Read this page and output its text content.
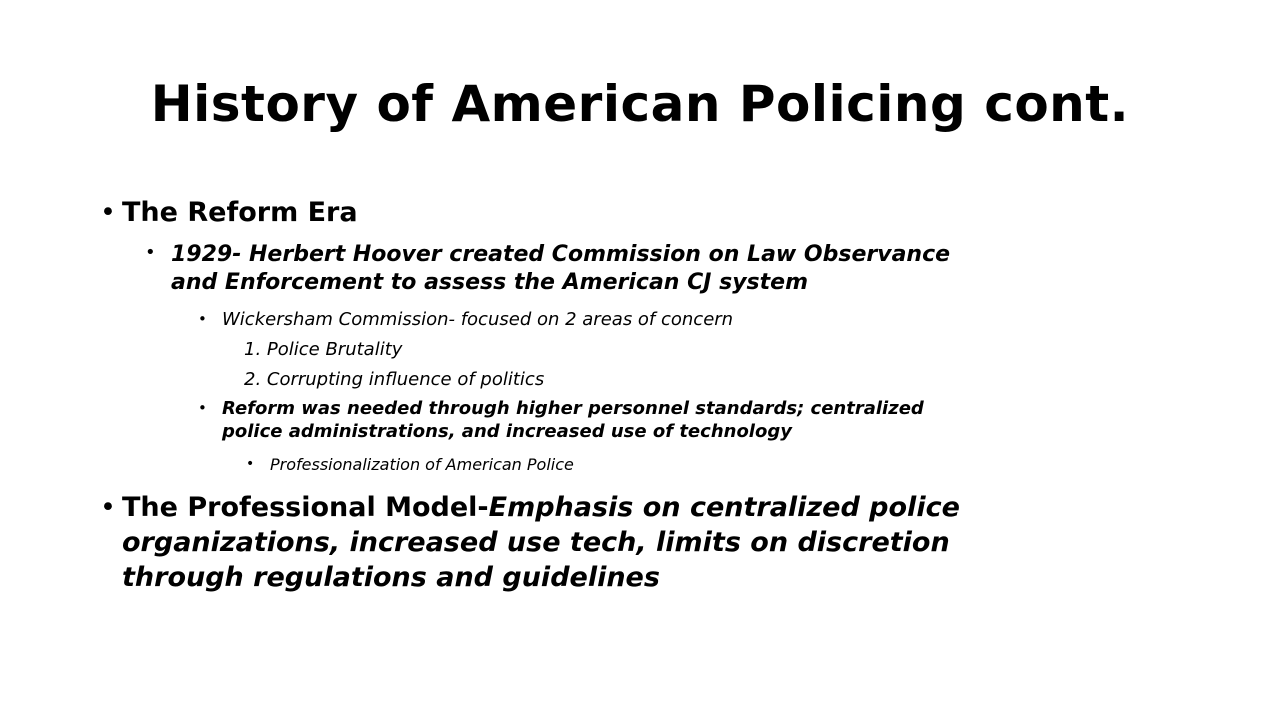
History of American Policing cont.
• The Reform Era
• 1929- Herbert Hoover created Commission on Law Observance
and Enforcement to assess the American CJ system
• Wickersham Commission- focused on 2 areas of concern
1. Police Brutality
2. Corrupting influence of politics
• Reform was needed through higher personnel standards; centralized
police administrations, and increased use of technology
• Professionalization of American Police
• The Professional Model-Emphasis on centralized police
organizations, increased use tech, limits on discretion
through regulations and guidelines
